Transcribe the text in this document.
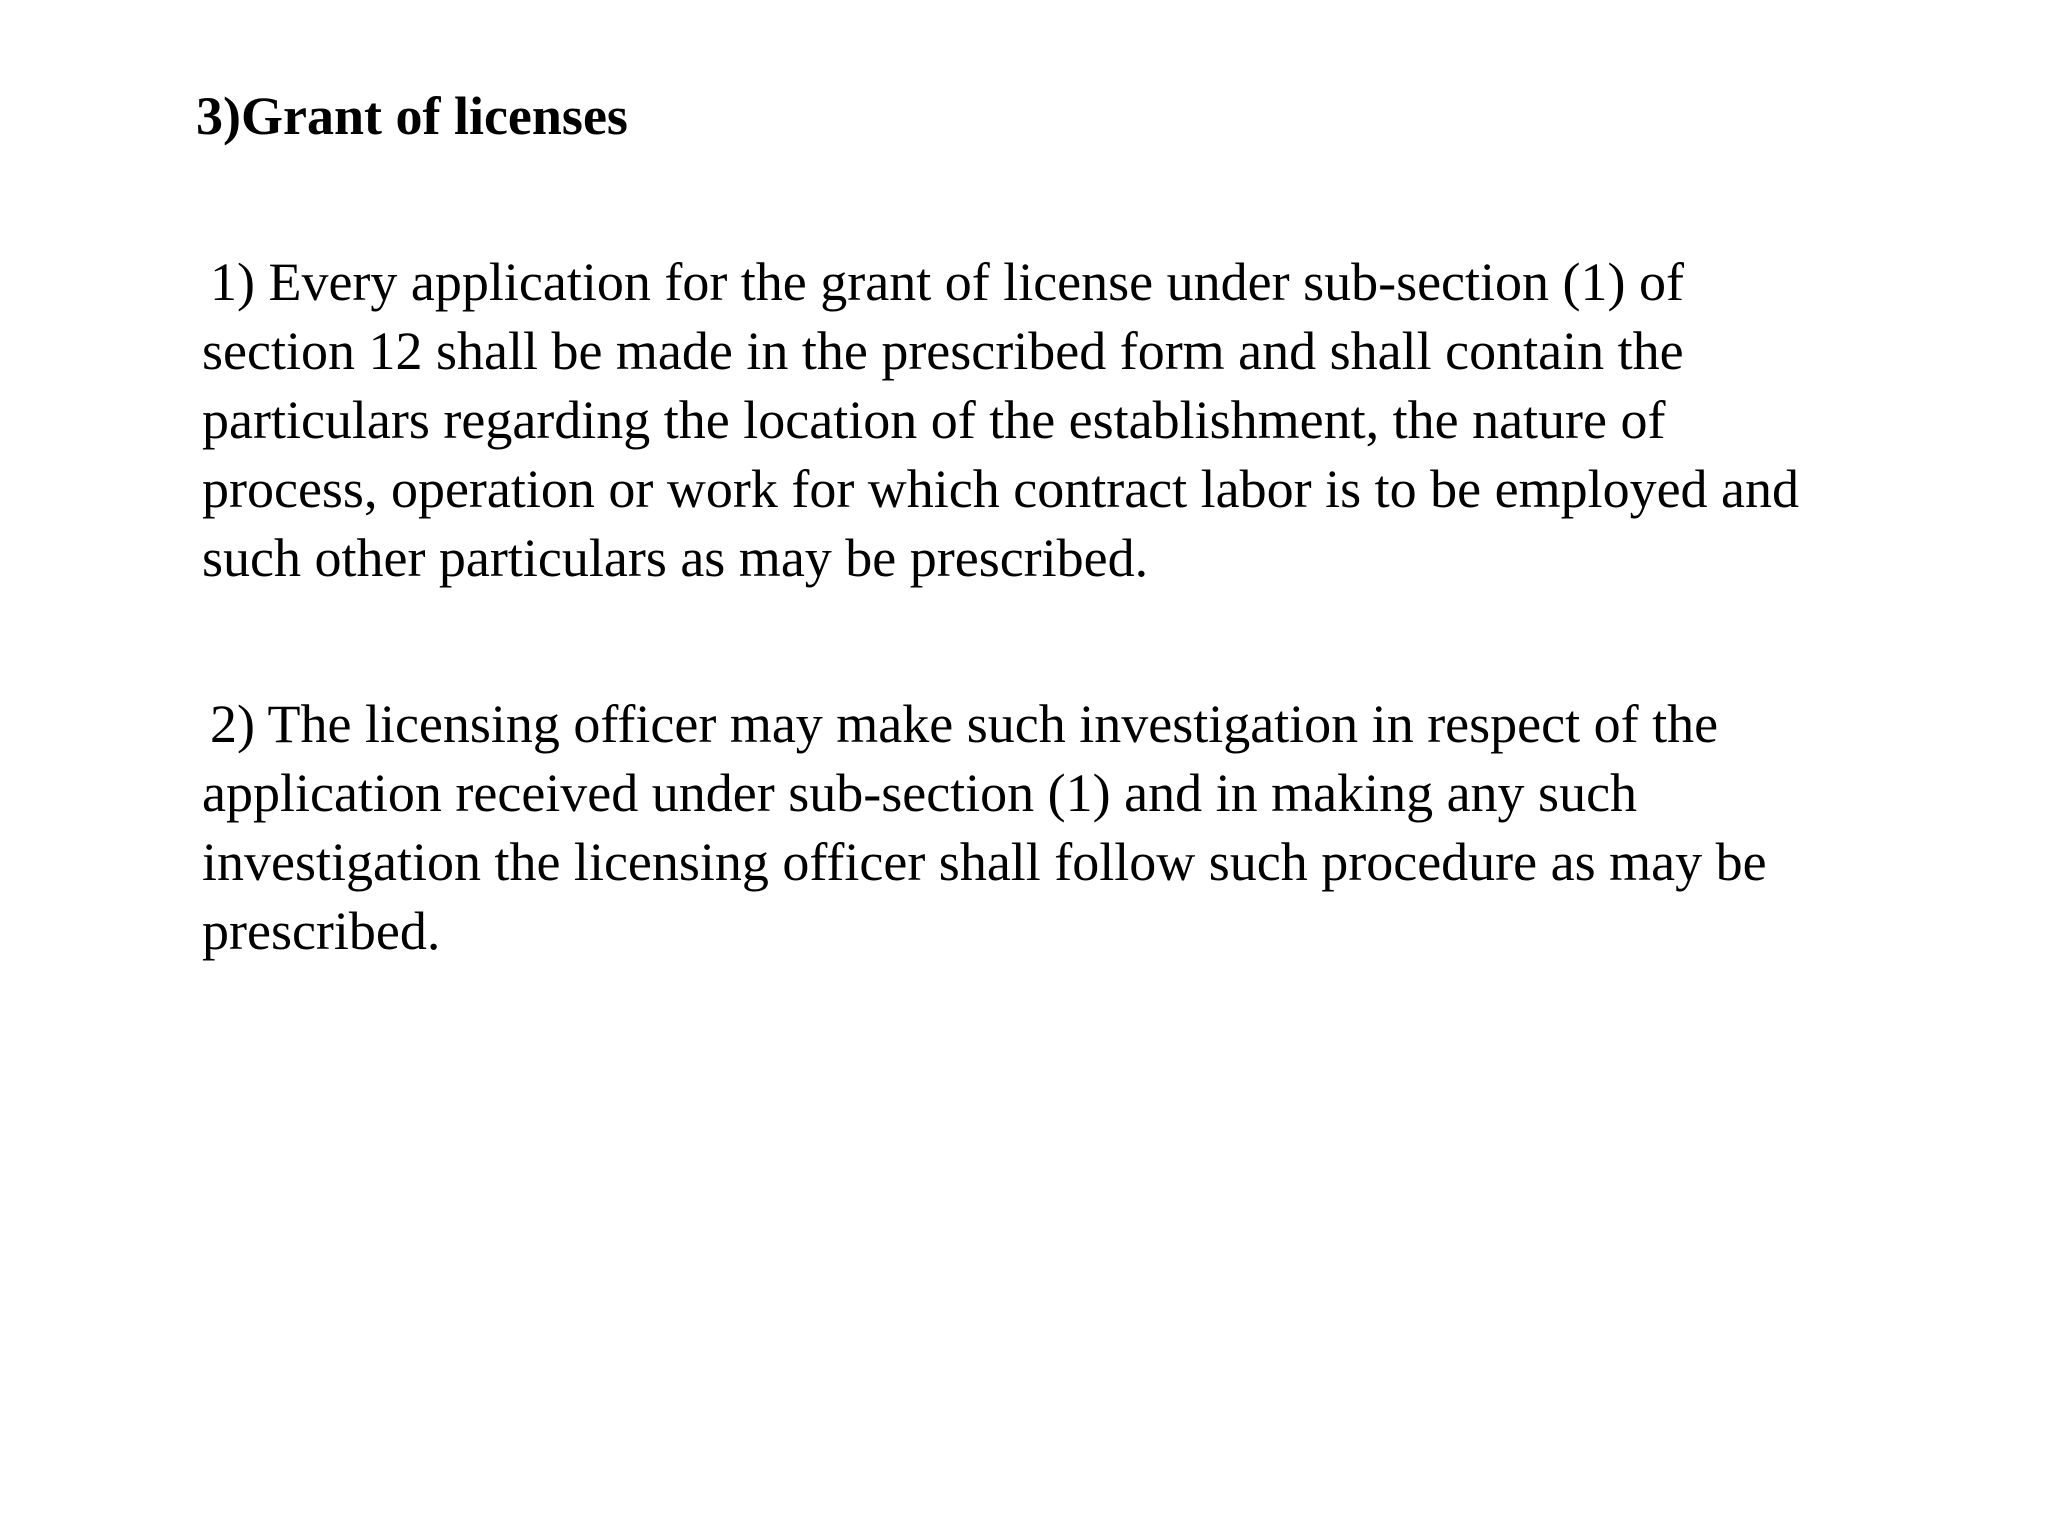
3)Grant of licenses

1) Every application for the grant of license under sub-section (1) of
section 12 shall be made in the prescribed form and shall contain the
particulars regarding the location of the establishment, the nature of
process, operation or work for which contract labor is to be employed and
such other particulars as may be prescribed.

2) The licensing officer may make such investigation in respect of the
application received under sub-section (1) and in making any such
investigation the licensing officer shall follow such procedure as may be
prescribed.
